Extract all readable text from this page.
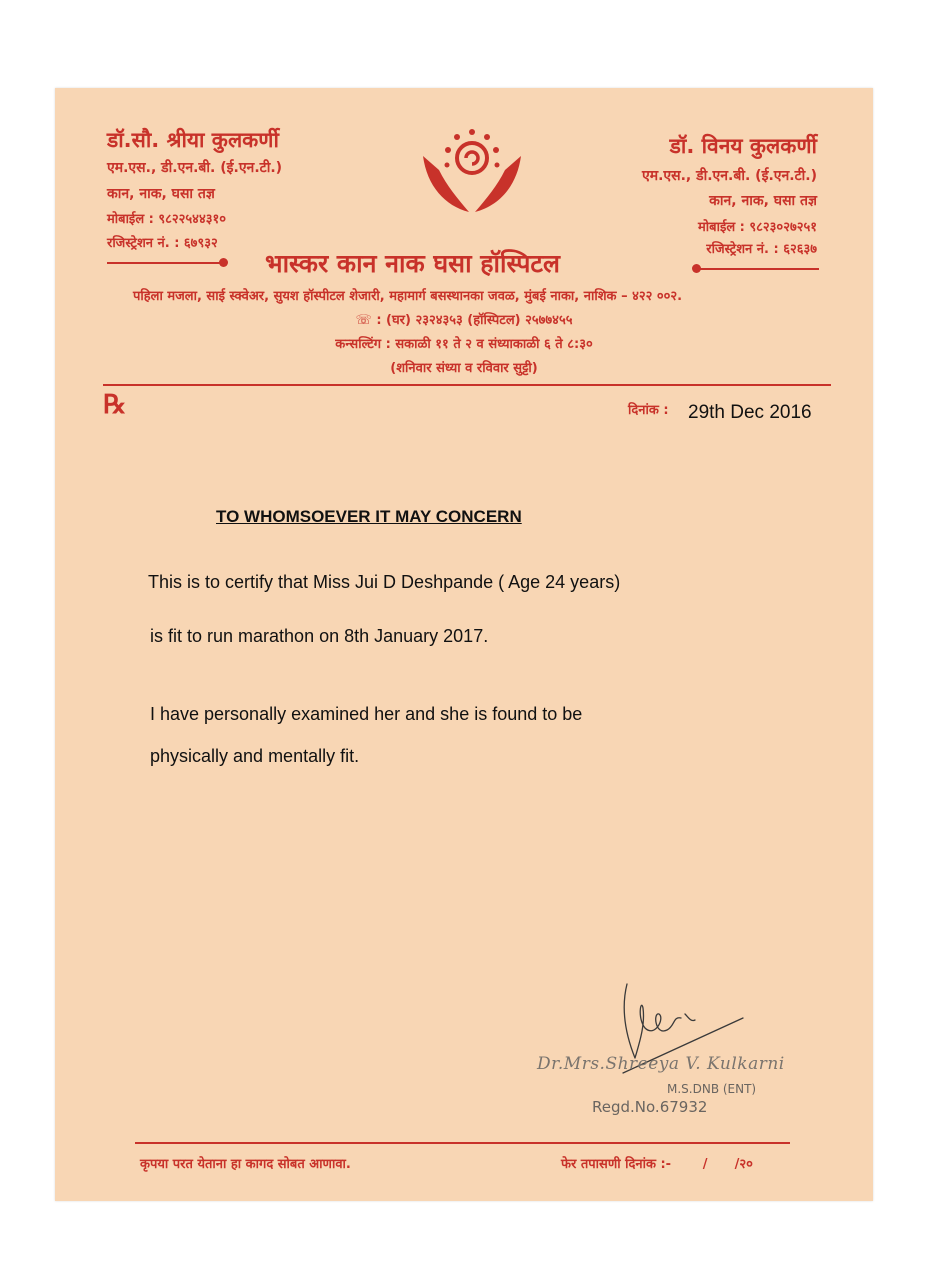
डॉ.सौ. श्रीया कुलकर्णी
एम.एस., डी.एन.बी. (ई.एन.टी.)
कान, नाक, घसा तज्ञ
मोबाईल : ९८२२५४४३१०
रजिस्ट्रेशन नं. : ६७९३२
डॉ. विनय कुलकर्णी
एम.एस., डी.एन.बी. (ई.एन.टी.)
कान, नाक, घसा तज्ञ
मोबाईल : ९८२३०२७२५१
रजिस्ट्रेशन नं. : ६२६३७
भास्कर कान नाक घसा हॉस्पिटल
पहिला मजला, साई स्क्वेअर, सुयश हॉस्पीटल शेजारी, महामार्ग बसस्थानका जवळ, मुंबई नाका, नाशिक – ४२२ ००२.
☏ : (घर) २३२४३५३ (हॉस्पिटल) २५७७४५५
कन्सल्टिंग : सकाळी ११ ते २ व संध्याकाळी ६ ते ८:३०
(शनिवार संध्या व रविवार सुट्टी)
℞	दिनांक : 29th Dec 2016
TO WHOMSOEVER IT MAY CONCERN
This is to certify that Miss Jui D Deshpande ( Age 24 years)
is fit to run marathon on 8th January 2017.
I have personally examined her and she is found to be
physically and mentally fit.
Dr.Mrs.Shreeya V. Kulkarni
M.S.DNB (ENT)
Regd.No.67932
कृपया परत येताना हा कागद सोबत आणावा.	फेर तपासणी दिनांक :-       /      /२०
